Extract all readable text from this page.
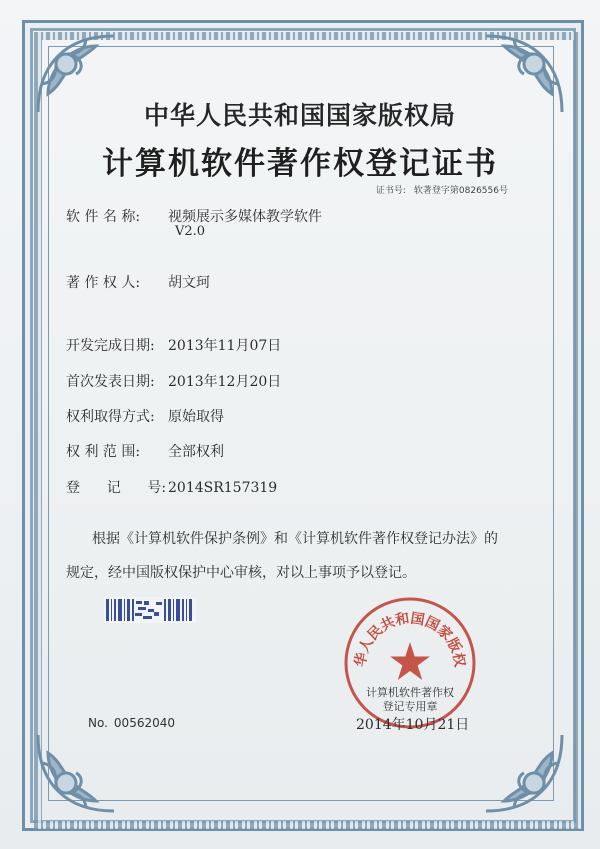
中华人民共和国国家版权局
计算机软件著作权登记证书
证书号: 软著登字第0826556号
软 件 名 称: 视频展示多媒体教学软件
V2.0
著 作 权 人: 胡文珂
开发完成日期: 2013年11月07日
首次发表日期: 2013年12月20日
权利取得方式: 原始取得
权 利 范 围: 全部权利
登      记      号: 2014SR157319
根据《计算机软件保护条例》和《计算机软件著作权登记办法》的
规定，经中国版权保护中心审核，对以上事项予以登记。
华人民共和国国家版权
计算机软件著作权
登记专用章
No. 00562040	2014年10月21日
